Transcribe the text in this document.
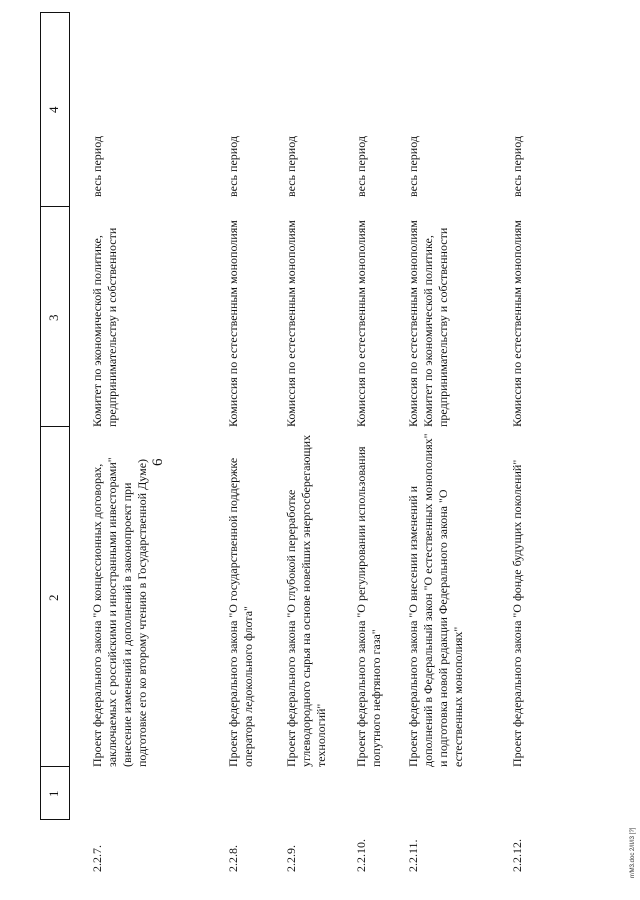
6
1
2
3
4
2.2.7.
Проект федерального закона "О концессионных договорах, заключаемых с российскими и иностранными инвесторами" (внесение изменений и дополнений в законопроект при подготовке его ко второму чтению в Государственной Думе)
Комитет по экономической политике, предпринимательству и собственности
весь период
2.2.8.
Проект федерального закона "О государственной поддержке оператора ледокольного флота"
Комиссия по естественным монополиям
весь период
2.2.9.
Проект федерального закона "О глубокой переработке углеводородного сырья на основе новейших энергосберегающих технологий"
Комиссия по естественным монополиям
весь период
2.2.10.
Проект федерального закона "О регулировании использования попутного нефтяного газа"
Комиссия по естественным монополиям
весь период
2.2.11.
Проект федерального закона "О внесении изменений и дополнений в Федеральный закон "О естественных монополиях" и подготовка новой редакции Федерального закона "О естественных монополиях"
Комиссия по естественным монополиям Комитет по экономической политике, предпринимательству и собственности
весь период
2.2.12.
Проект федерального закона "О фонде будущих поколений"
Комиссия по естественным монополиям
весь период
rr/M3.doc 2/II/I3 [?]
